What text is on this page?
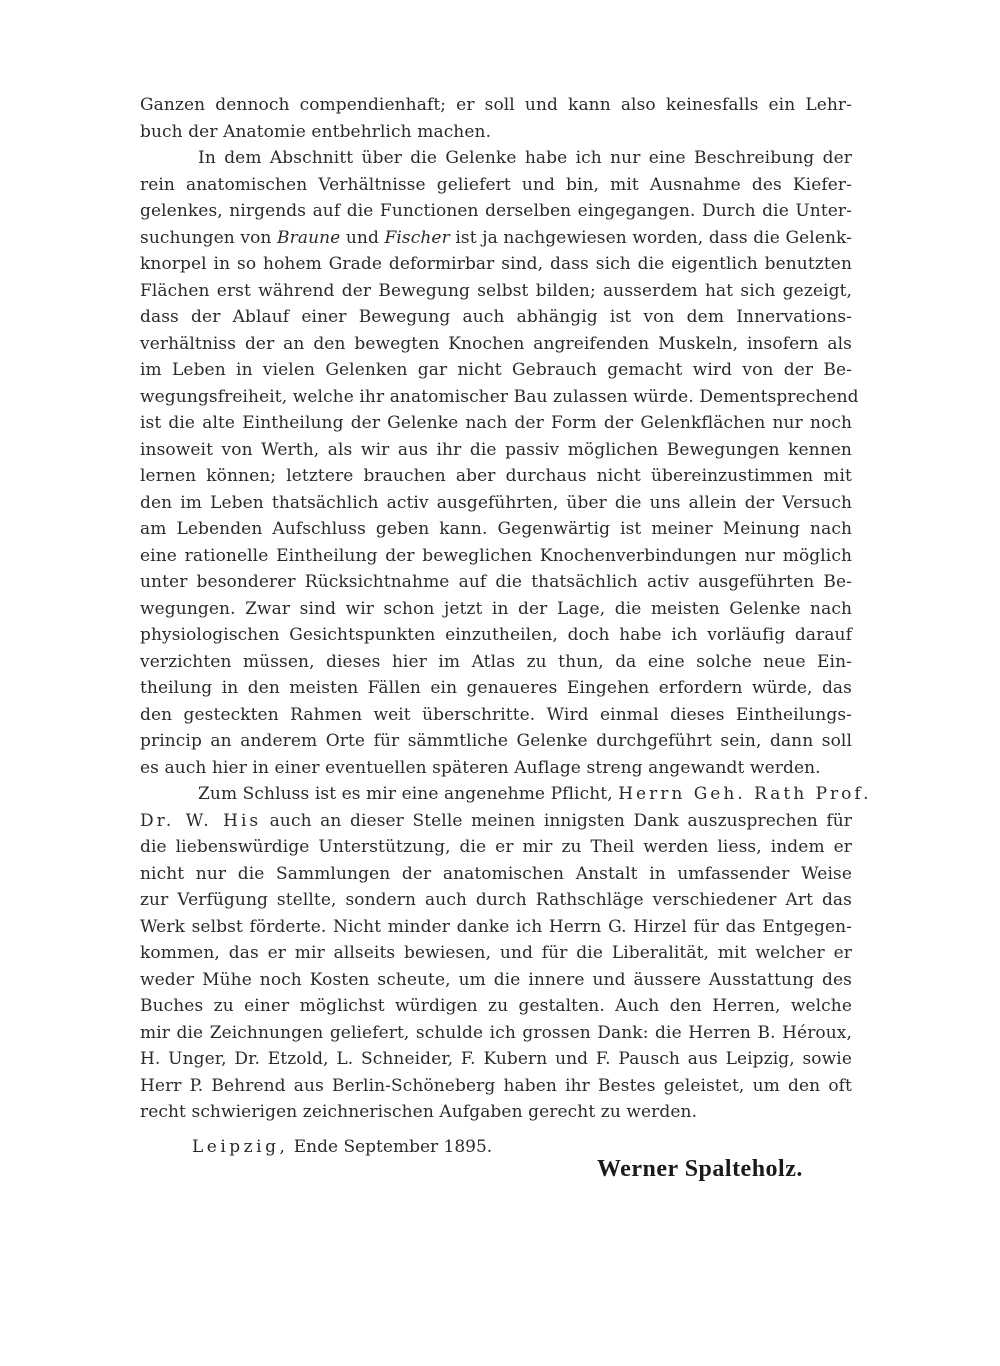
Ganzen dennoch compendienhaft; er soll und kann also keinesfalls ein Lehr-
buch der Anatomie entbehrlich machen.
In dem Abschnitt über die Gelenke habe ich nur eine Beschreibung der
rein anatomischen Verhältnisse geliefert und bin, mit Ausnahme des Kiefer-
gelenkes, nirgends auf die Functionen derselben eingegangen. Durch die Unter-
suchungen von Braune und Fischer ist ja nachgewiesen worden, dass die Gelenk-
knorpel in so hohem Grade deformirbar sind, dass sich die eigentlich benutzten
Flächen erst während der Bewegung selbst bilden; ausserdem hat sich gezeigt,
dass der Ablauf einer Bewegung auch abhängig ist von dem Innervations-
verhältniss der an den bewegten Knochen angreifenden Muskeln, insofern als
im Leben in vielen Gelenken gar nicht Gebrauch gemacht wird von der Be-
wegungsfreiheit, welche ihr anatomischer Bau zulassen würde. Dementsprechend
ist die alte Eintheilung der Gelenke nach der Form der Gelenkflächen nur noch
insoweit von Werth, als wir aus ihr die passiv möglichen Bewegungen kennen
lernen können; letztere brauchen aber durchaus nicht übereinzustimmen mit
den im Leben thatsächlich activ ausgeführten, über die uns allein der Versuch
am Lebenden Aufschluss geben kann. Gegenwärtig ist meiner Meinung nach
eine rationelle Eintheilung der beweglichen Knochenverbindungen nur möglich
unter besonderer Rücksichtnahme auf die thatsächlich activ ausgeführten Be-
wegungen. Zwar sind wir schon jetzt in der Lage, die meisten Gelenke nach
physiologischen Gesichtspunkten einzutheilen, doch habe ich vorläufig darauf
verzichten müssen, dieses hier im Atlas zu thun, da eine solche neue Ein-
theilung in den meisten Fällen ein genaueres Eingehen erfordern würde, das
den gesteckten Rahmen weit überschritte. Wird einmal dieses Eintheilungs-
princip an anderem Orte für sämmtliche Gelenke durchgeführt sein, dann soll
es auch hier in einer eventuellen späteren Auflage streng angewandt werden.
Zum Schluss ist es mir eine angenehme Pflicht, Herrn Geh. Rath Prof.
Dr. W. His auch an dieser Stelle meinen innigsten Dank auszusprechen für
die liebenswürdige Unterstützung, die er mir zu Theil werden liess, indem er
nicht nur die Sammlungen der anatomischen Anstalt in umfassender Weise
zur Verfügung stellte, sondern auch durch Rathschläge verschiedener Art das
Werk selbst förderte. Nicht minder danke ich Herrn G. Hirzel für das Entgegen-
kommen, das er mir allseits bewiesen, und für die Liberalität, mit welcher er
weder Mühe noch Kosten scheute, um die innere und äussere Ausstattung des
Buches zu einer möglichst würdigen zu gestalten. Auch den Herren, welche
mir die Zeichnungen geliefert, schulde ich grossen Dank: die Herren B. Héroux,
H. Unger, Dr. Etzold, L. Schneider, F. Kubern und F. Pausch aus Leipzig, sowie
Herr P. Behrend aus Berlin-Schöneberg haben ihr Bestes geleistet, um den oft
recht schwierigen zeichnerischen Aufgaben gerecht zu werden.
Leipzig, Ende September 1895.
Werner Spalteholz.
